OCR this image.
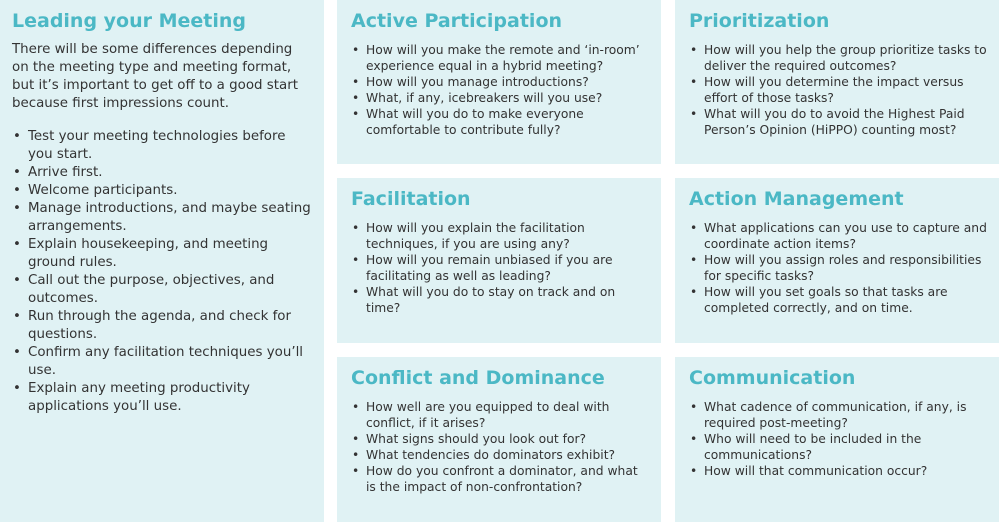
Leading your Meeting

There will be some differences depending on the meeting type and meeting format, but it’s important to get off to a good start because first impressions count.

• Test your meeting technologies before you start.
• Arrive first.
• Welcome participants.
• Manage introductions, and maybe seating arrangements.
• Explain housekeeping, and meeting ground rules.
• Call out the purpose, objectives, and outcomes.
• Run through the agenda, and check for questions.
• Confirm any facilitation techniques you’ll use.
• Explain any meeting productivity applications you’ll use.
Active Participation
• How will you make the remote and ‘in-room’ experience equal in a hybrid meeting?
• How will you manage introductions?
• What, if any, icebreakers will you use?
• What will you do to make everyone comfortable to contribute fully?
Prioritization
• How will you help the group prioritize tasks to deliver the required outcomes?
• How will you determine the impact versus effort of those tasks?
• What will you do to avoid the Highest Paid Person’s Opinion (HiPPO) counting most?
Facilitation
• How will you explain the facilitation techniques, if you are using any?
• How will you remain unbiased if you are facilitating as well as leading?
• What will you do to stay on track and on time?
Action Management
• What applications can you use to capture and coordinate action items?
• How will you assign roles and responsibilities for specific tasks?
• How will you set goals so that tasks are completed correctly, and on time.
Conflict and Dominance
• How well are you equipped to deal with conflict, if it arises?
• What signs should you look out for?
• What tendencies do dominators exhibit?
• How do you confront a dominator, and what is the impact of non-confrontation?
Communication
• What cadence of communication, if any, is required post-meeting?
• Who will need to be included in the communications?
• How will that communication occur?
